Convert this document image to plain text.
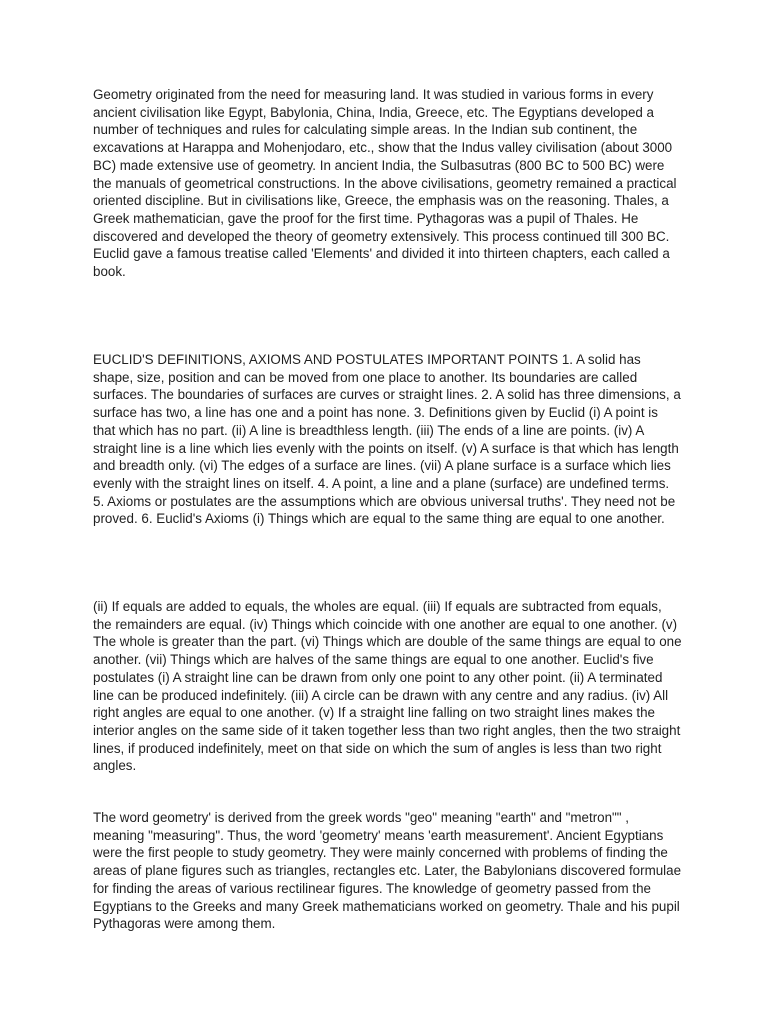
Geometry originated from the need for measuring land. It was studied in various forms in every ancient civilisation like Egypt, Babylonia, China, India, Greece, etc. The Egyptians developed a number of techniques and rules for calculating simple areas. In the Indian sub continent, the excavations at Harappa and Mohenjodaro, etc., show that the Indus valley civilisation (about 3000 BC) made extensive use of geometry. In ancient India, the Sulbasutras (800 BC to 500 BC) were the manuals of geometrical constructions. In the above civilisations, geometry remained a practical oriented discipline. But in civilisations like, Greece, the emphasis was on the reasoning. Thales, a Greek mathematician, gave the proof for the first time. Pythagoras was a pupil of Thales. He discovered and developed the theory of geometry extensively. This process continued till 300 BC. Euclid gave a famous treatise called 'Elements' and divided it into thirteen chapters, each called a book.

EUCLID'S DEFINITIONS, AXIOMS AND POSTULATES IMPORTANT POINTS 1. A solid has shape, size, position and can be moved from one place to another. Its boundaries are called surfaces. The boundaries of surfaces are curves or straight lines. 2. A solid has three dimensions, a surface has two, a line has one and a point has none. 3. Definitions given by Euclid (i) A point is that which has no part. (ii) A line is breadthless length. (iii) The ends of a line are points. (iv) A straight line is a line which lies evenly with the points on itself. (v) A surface is that which has length and breadth only. (vi) The edges of a surface are lines. (vii) A plane surface is a surface which lies evenly with the straight lines on itself. 4. A point, a line and a plane (surface) are undefined terms. 5. Axioms or postulates are the assumptions which are obvious universal truths'. They need not be proved. 6. Euclid's Axioms (i) Things which are equal to the same thing are equal to one another.

(ii) If equals are added to equals, the wholes are equal. (iii) If equals are subtracted from equals, the remainders are equal. (iv) Things which coincide with one another are equal to one another. (v) The whole is greater than the part. (vi) Things which are double of the same things are equal to one another. (vii) Things which are halves of the same things are equal to one another. Euclid's five postulates (i) A straight line can be drawn from only one point to any other point. (ii) A terminated line can be produced indefinitely. (iii) A circle can be drawn with any centre and any radius. (iv) All right angles are equal to one another. (v) If a straight line falling on two straight lines makes the interior angles on the same side of it taken together less than two right angles, then the two straight lines, if produced indefinitely, meet on that side on which the sum of angles is less than two right angles.

The word geometry' is derived from the greek words "geo" meaning "earth" and "metron"" , meaning "measuring". Thus, the word 'geometry' means 'earth measurement'. Ancient Egyptians were the first people to study geometry. They were mainly concerned with problems of finding the areas of plane figures such as triangles, rectangles etc. Later, the Babylonians discovered formulae for finding the areas of various rectilinear figures. The knowledge of geometry passed from the Egyptians to the Greeks and many Greek mathematicians worked on geometry. Thale and his pupil Pythagoras were among them.
